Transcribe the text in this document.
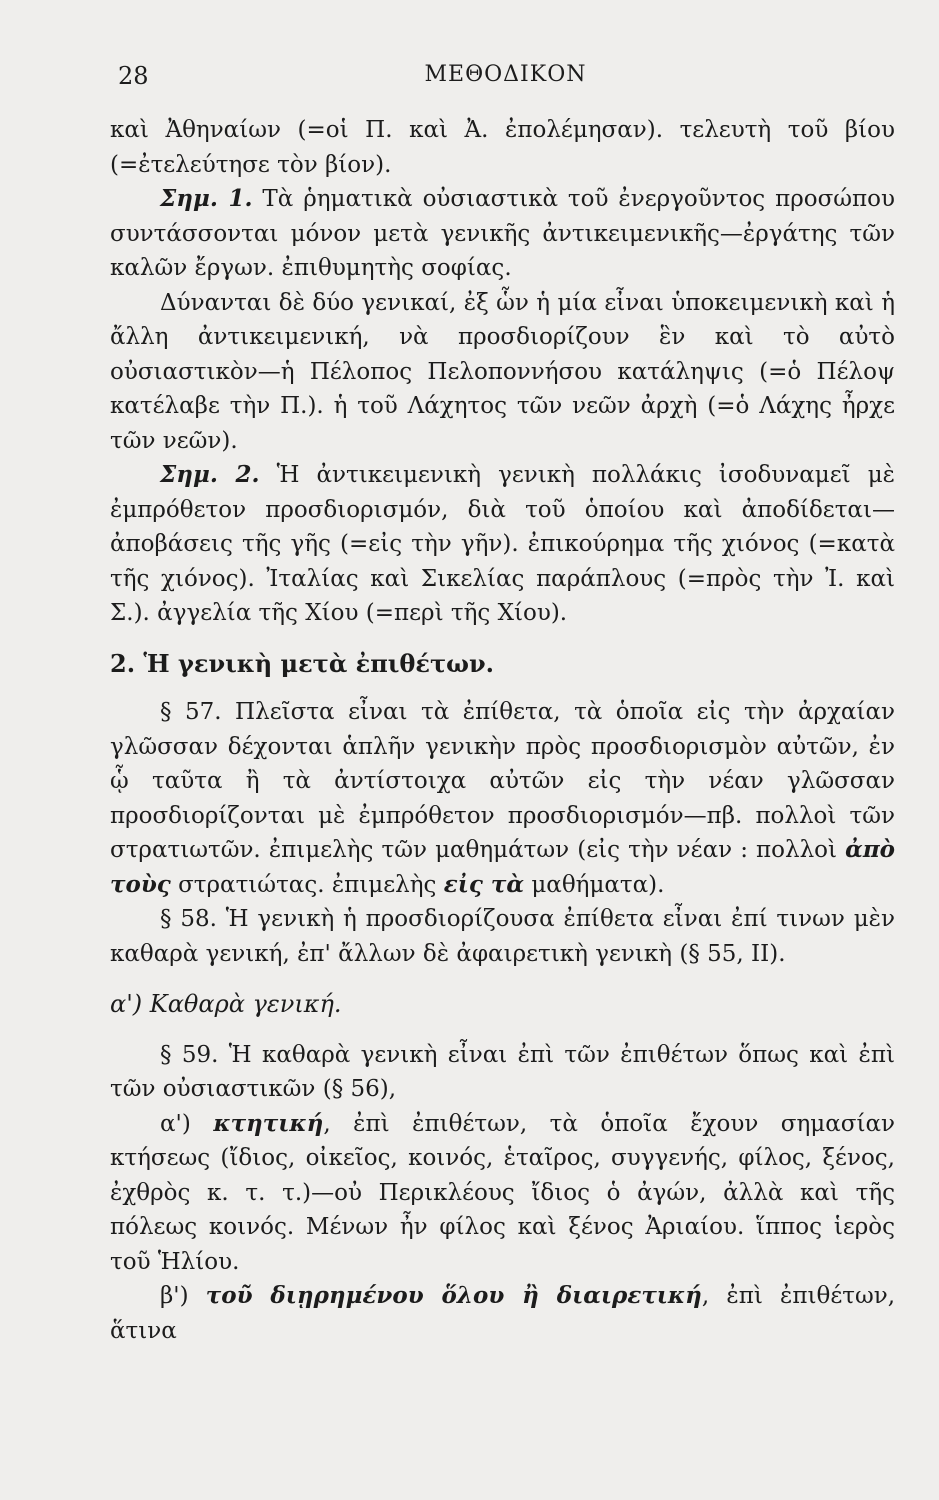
28	ΜΕΘΟΔΙΚΟΝ

καὶ Ἀθηναίων (=οἱ Π. καὶ Ἀ. ἐπολέμησαν). τελευτὴ τοῦ βίου (=ἐτελεύτησε τὸν βίον).

Σημ. 1. Τὰ ῥηματικὰ οὐσιαστικὰ τοῦ ἐνεργοῦντος προσώπου συντάσσονται μόνον μετὰ γενικῆς ἀντικειμενικῆς—ἐργάτης τῶν καλῶν ἔργων. ἐπιθυμητὴς σοφίας.

Δύνανται δὲ δύο γενικαί, ἐξ ὧν ἡ μία εἶναι ὑποκειμενικὴ καὶ ἡ ἄλλη ἀντικειμενική, νὰ προσδιορίζουν ἓν καὶ τὸ αὐτὸ οὐσιαστικὸν—ἡ Πέλοπος Πελοποννήσου κατάληψις (=ὁ Πέλοψ κατέλαβε τὴν Π.). ἡ τοῦ Λάχητος τῶν νεῶν ἀρχὴ (=ὁ Λάχης ἦρχε τῶν νεῶν).

Σημ. 2. Ἡ ἀντικειμενικὴ γενικὴ πολλάκις ἰσοδυναμεῖ μὲ ἐμπρόθετον προσδιορισμόν, διὰ τοῦ ὁποίου καὶ ἀποδίδεται—ἀποβάσεις τῆς γῆς (=εἰς τὴν γῆν). ἐπικούρημα τῆς χιόνος (=κατὰ τῆς χιόνος). Ἰταλίας καὶ Σικελίας παράπλους (=πρὸς τὴν Ἰ. καὶ Σ.). ἀγγελία τῆς Χίου (=περὶ τῆς Χίου).

2. Ἡ γενικὴ μετὰ ἐπιθέτων.

§ 57. Πλεῖστα εἶναι τὰ ἐπίθετα, τὰ ὁποῖα εἰς τὴν ἀρχαίαν γλῶσσαν δέχονται ἁπλῆν γενικὴν πρὸς προσδιορισμὸν αὐτῶν, ἐν ᾧ ταῦτα ἢ τὰ ἀντίστοιχα αὐτῶν εἰς τὴν νέαν γλῶσσαν προσδιορίζονται μὲ ἐμπρόθετον προσδιορισμόν—πβ. πολλοὶ τῶν στρατιωτῶν. ἐπιμελὴς τῶν μαθημάτων (εἰς τὴν νέαν : πολλοὶ ἀπὸ τοὺς στρατιώτας. ἐπιμελὴς εἰς τὰ μαθήματα).

§ 58. Ἡ γενικὴ ἡ προσδιορίζουσα ἐπίθετα εἶναι ἐπί τινων μὲν καθαρὰ γενική, ἐπ' ἄλλων δὲ ἀφαιρετικὴ γενικὴ (§ 55, II).

α') Καθαρὰ γενική.

§ 59. Ἡ καθαρὰ γενικὴ εἶναι ἐπὶ τῶν ἐπιθέτων ὅπως καὶ ἐπὶ τῶν οὐσιαστικῶν (§ 56),

α') κτητική, ἐπὶ ἐπιθέτων, τὰ ὁποῖα ἔχουν σημασίαν κτήσεως (ἴδιος, οἰκεῖος, κοινός, ἑταῖρος, συγγενής, φίλος, ξένος, ἐχθρὸς κ. τ. τ.)—οὐ Περικλέους ἴδιος ὁ ἀγών, ἀλλὰ καὶ τῆς πόλεως κοινός. Μένων ἦν φίλος καὶ ξένος Ἀριαίου. ἵππος ἱερὸς τοῦ Ἡλίου.

β') τοῦ διῃρημένου ὅλου ἢ διαιρετική, ἐπὶ ἐπιθέτων, ἅτινα
